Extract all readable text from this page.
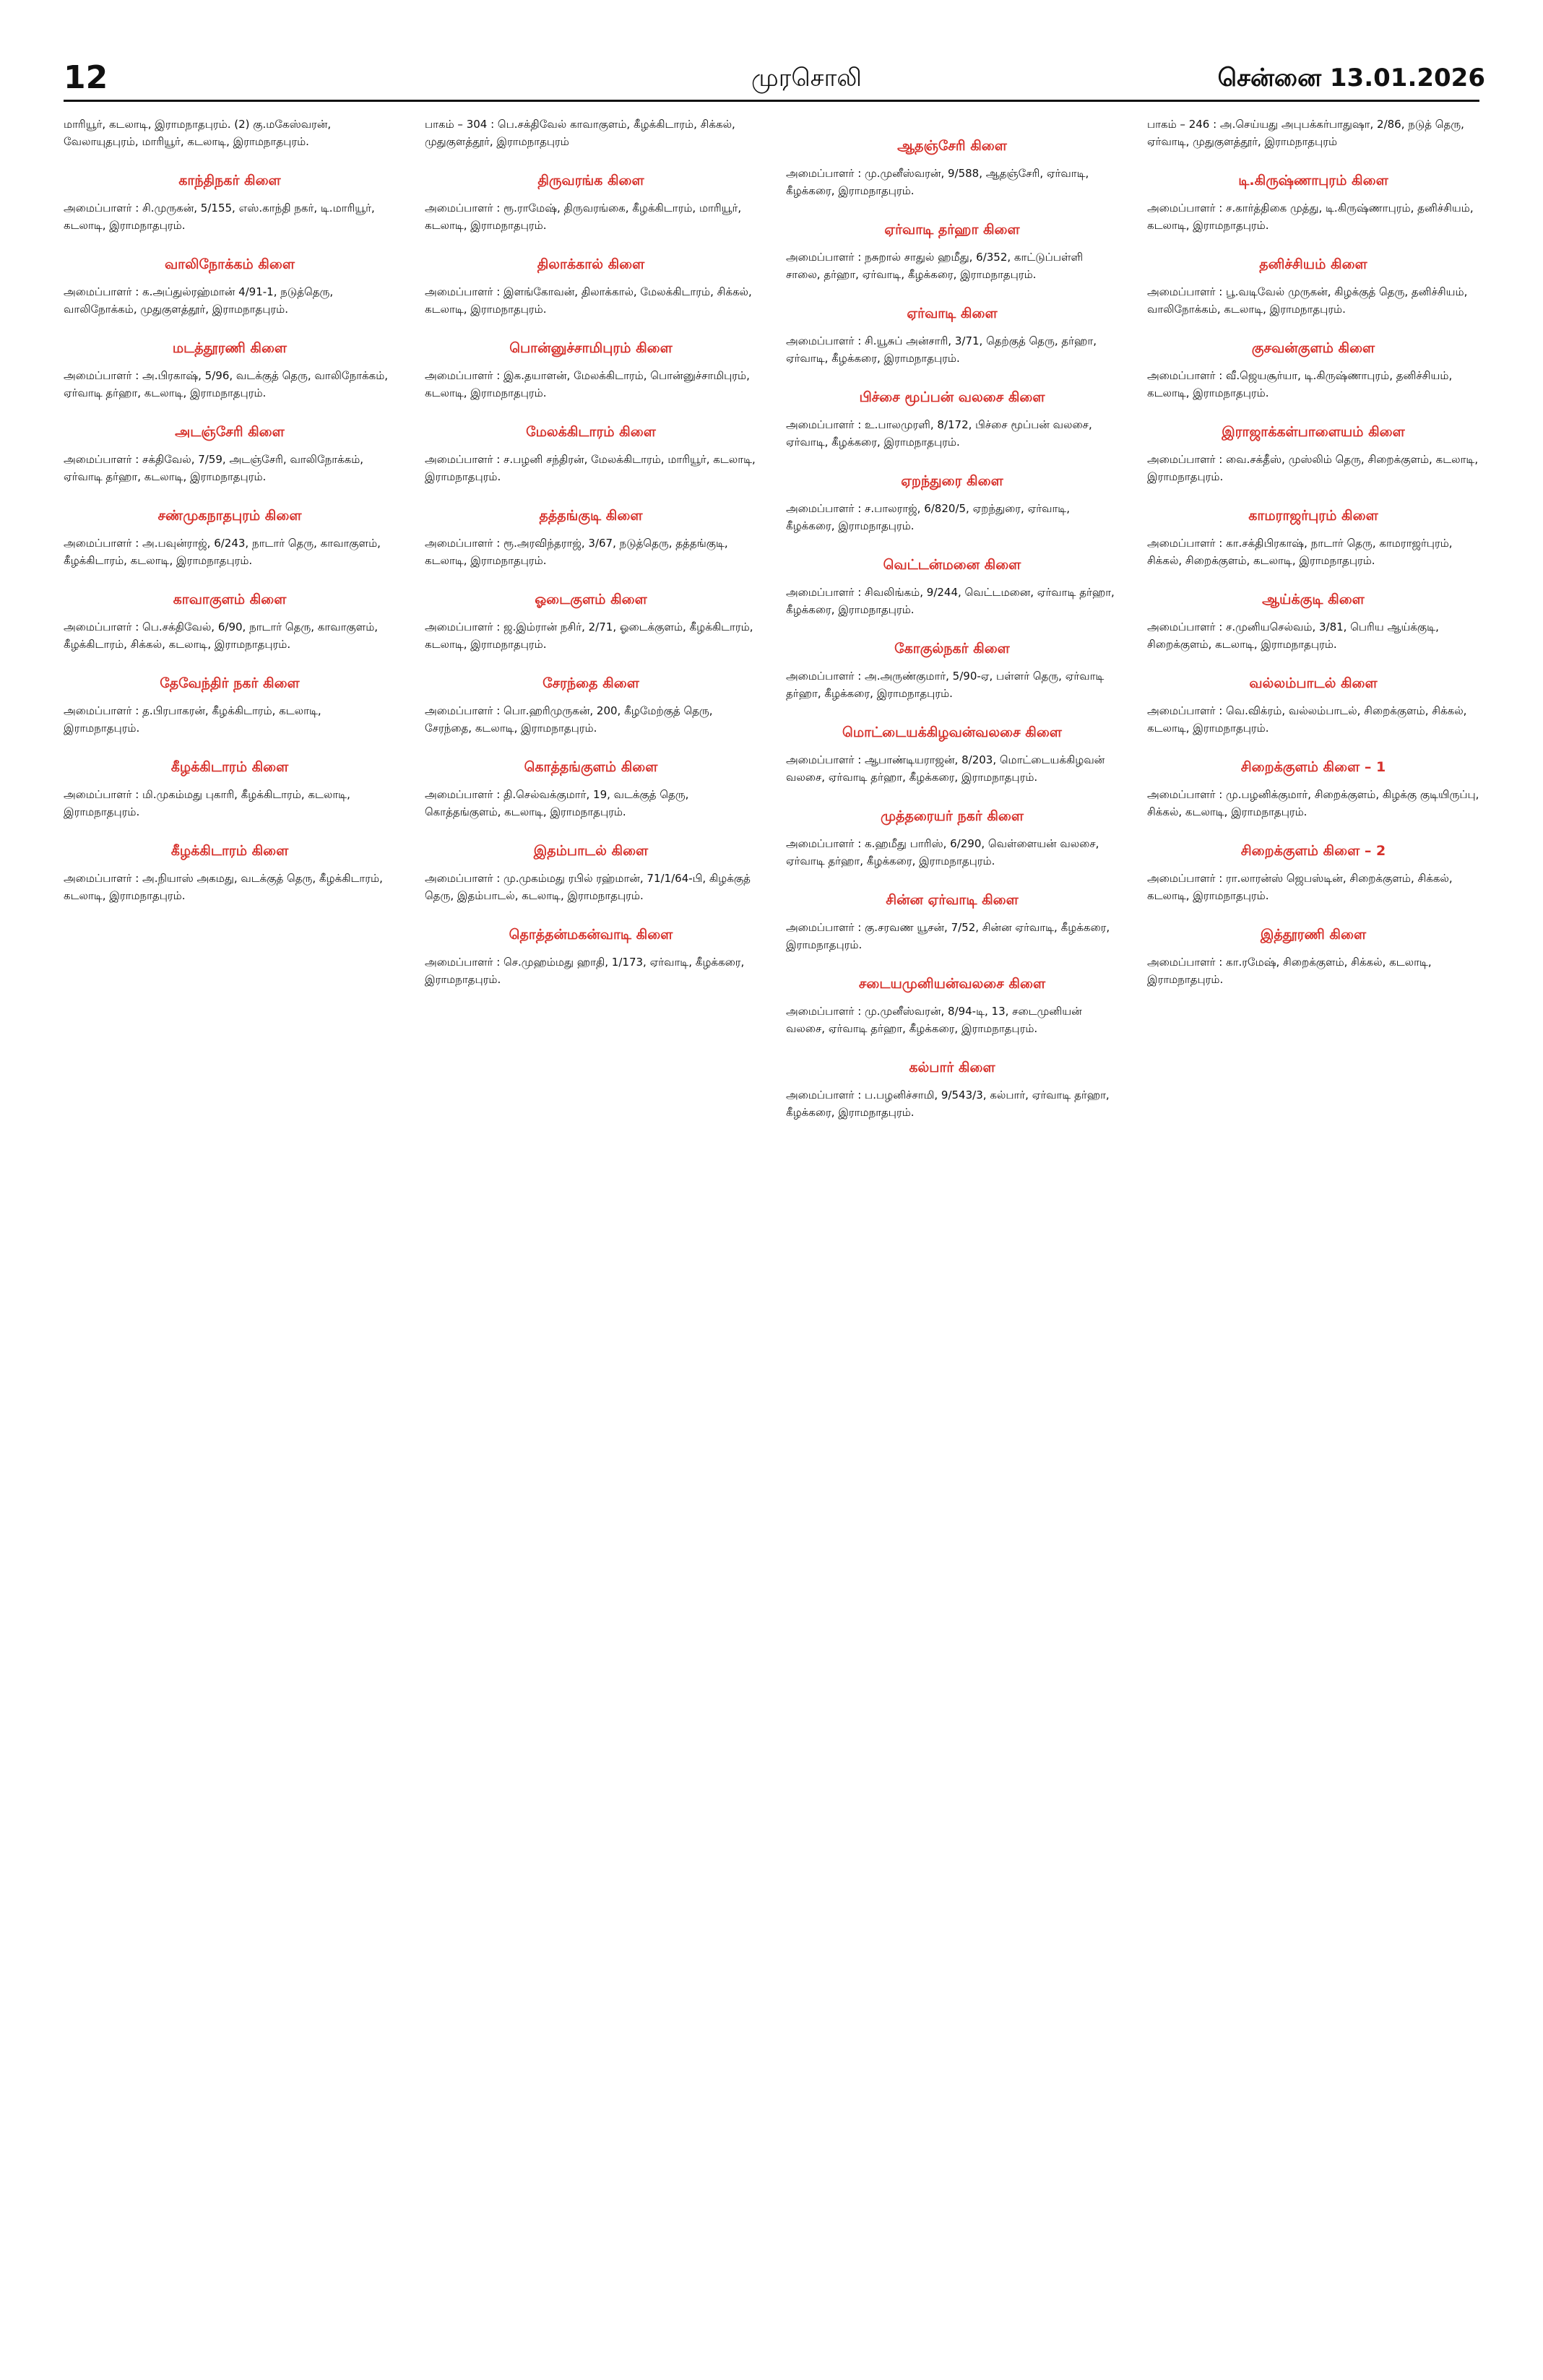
12	முரசொலி	சென்னை 13.01.2026
மாரியூர், கடலாடி, இராமநாதபுரம். (2) கு.மகேஸ்வரன், வேலாயுதபுரம், மாரியூர், கடலாடி, இராமநாதபுரம்.
காந்திநகர் கிளை
அமைப்பாளர் : சி.முருகன், 5/155, எஸ்.காந்தி நகர், டி.மாரியூர், கடலாடி, இராமநாதபுரம்.
வாலிநோக்கம் கிளை
அமைப்பாளர் : க.அப்துல்ரஹ்மான் 4/91-1, நடுத்தெரு, வாலிநோக்கம், முதுகுளத்தூர், இராமநாதபுரம்.
மடத்தூரணி கிளை
அமைப்பாளர் : அ.பிரகாஷ், 5/96, வடக்குத் தெரு, வாலிநோக்கம், ஏர்வாடி தர்ஹா, கடலாடி, இராமநாதபுரம்.
அடஞ்சேரி கிளை
அமைப்பாளர் : சக்திவேல், 7/59, அடஞ்சேரி, வாலிநோக்கம், ஏர்வாடி தர்ஹா, கடலாடி, இராமநாதபுரம்.
சண்முகநாதபுரம் கிளை
அமைப்பாளர் : அ.பவுன்ராஜ், 6/243, நாடார் தெரு, காவாகுளம், கீழக்கிடாரம், கடலாடி, இராமநாதபுரம்.
காவாகுளம் கிளை
அமைப்பாளர் : பெ.சக்திவேல், 6/90, நாடார் தெரு, காவாகுளம், கீழக்கிடாரம், சிக்கல், கடலாடி, இராமநாதபுரம்.
தேவேந்திர் நகர் கிளை
அமைப்பாளர் : த.பிரபாகரன், கீழக்கிடாரம், கடலாடி, இராமநாதபுரம்.
கீழக்கிடாரம் கிளை
அமைப்பாளர் : மி.முகம்மது புகாரி, கீழக்கிடாரம், கடலாடி, இராமநாதபுரம்.
கீழக்கிடாரம் கிளை
அமைப்பாளர் : அ.நியாஸ் அகமது, வடக்குத் தெரு, கீழக்கிடாரம், கடலாடி, இராமநாதபுரம்.
பாகம் – 304 : பெ.சக்திவேல் காவாகுளம், கீழக்கிடாரம், சிக்கல், முதுகுளத்தூர், இராமநாதபுரம்
திருவரங்க கிளை
அமைப்பாளர் : ரூ.ராமேஷ், திருவரங்கை, கீழக்கிடாரம், மாரியூர், கடலாடி, இராமநாதபுரம்.
திலாக்கால் கிளை
அமைப்பாளர் : இளங்கோவன், திலாக்கால், மேலக்கிடாரம், சிக்கல், கடலாடி, இராமநாதபுரம்.
பொன்னுச்சாமிபுரம் கிளை
அமைப்பாளர் : இக.தயாளன், மேலக்கிடாரம், பொன்னுச்சாமிபுரம், கடலாடி, இராமநாதபுரம்.
மேலக்கிடாரம் கிளை
அமைப்பாளர் : ச.பழனி சந்திரன், மேலக்கிடாரம், மாரியூர், கடலாடி, இராமநாதபுரம்.
தத்தங்குடி கிளை
அமைப்பாளர் : ரூ.அரவிந்தராஜ், 3/67, நடுத்தெரு, தத்தங்குடி, கடலாடி, இராமநாதபுரம்.
ஓடைகுளம் கிளை
அமைப்பாளர் : ஜ.இம்ரான் நசிர், 2/71, ஓடைக்குளம், கீழக்கிடாரம், கடலாடி, இராமநாதபுரம்.
சேரந்தை கிளை
அமைப்பாளர் : பொ.ஹரிமுருகன், 200, கீழமேற்குத் தெரு, சேரந்தை, கடலாடி, இராமநாதபுரம்.
கொத்தங்குளம் கிளை
அமைப்பாளர் : தி.செல்வக்குமார், 19, வடக்குத் தெரு, கொத்தங்குளம், கடலாடி, இராமநாதபுரம்.
இதம்பாடல் கிளை
அமைப்பாளர் : மு.முகம்மது ரபில் ரஹ்மான், 71/1/64-பி, கிழக்குத் தெரு, இதம்பாடல், கடலாடி, இராமநாதபுரம்.
தொத்தன்மகன்வாடி கிளை
அமைப்பாளர் : செ.முஹம்மது ஹாதி, 1/173, ஏர்வாடி, கீழக்கரை, இராமநாதபுரம்.
ஆதஞ்சேரி கிளை
அமைப்பாளர் : மு.முனீஸ்வரன், 9/588, ஆதஞ்சேரி, ஏர்வாடி, கீழக்கரை, இராமநாதபுரம்.
ஏர்வாடி தர்ஹா கிளை
அமைப்பாளர் : நசுறால் சாதுல் ஹமீது, 6/352, காட்டுப்பள்ளி சாலை, தர்ஹா, ஏர்வாடி, கீழக்கரை, இராமநாதபுரம்.
ஏர்வாடி கிளை
அமைப்பாளர் : சி.யூசுப் அன்சாரி, 3/71, தெற்குத் தெரு, தர்ஹா, ஏர்வாடி, கீழக்கரை, இராமநாதபுரம்.
பிச்சை மூப்பன் வலசை கிளை
அமைப்பாளர் : உ.பாலமுரளி, 8/172, பிச்சை மூப்பன் வலசை, ஏர்வாடி, கீழக்கரை, இராமநாதபுரம்.
ஏறந்துரை கிளை
அமைப்பாளர் : ச.பாலராஜ், 6/820/5, ஏறந்துரை, ஏர்வாடி, கீழக்கரை, இராமநாதபுரம்.
வெட்டன்மனை கிளை
அமைப்பாளர் : சிவலிங்கம், 9/244, வெட்டமனை, ஏர்வாடி தர்ஹா, கீழக்கரை, இராமநாதபுரம்.
கோகுல்நகர் கிளை
அமைப்பாளர் : அ.அருண்குமார், 5/90-ஏ, பள்ளர் தெரு, ஏர்வாடி தர்ஹா, கீழக்கரை, இராமநாதபுரம்.
மொட்டையக்கிழவன்வலசை கிளை
அமைப்பாளர் : ஆபாண்டியராஜன், 8/203, மொட்டையக்கிழவன் வலசை, ஏர்வாடி தர்ஹா, கீழக்கரை, இராமநாதபுரம்.
முத்தரையர் நகர் கிளை
அமைப்பாளர் : க.ஹமீது பாரிஸ், 6/290, வெள்ளையன் வலசை, ஏர்வாடி தர்ஹா, கீழக்கரை, இராமநாதபுரம்.
சின்ன ஏர்வாடி கிளை
அமைப்பாளர் : கு.சரவண யூசன், 7/52, சின்ன ஏர்வாடி, கீழக்கரை, இராமநாதபுரம்.
சடையமுனியன்வலசை கிளை
அமைப்பாளர் : மு.முனீஸ்வரன், 8/94-டி, 13, சடைமுனியன் வலசை, ஏர்வாடி தர்ஹா, கீழக்கரை, இராமநாதபுரம்.
கல்பார் கிளை
அமைப்பாளர் : ப.பழனிச்சாமி, 9/543/3, கல்பார், ஏர்வாடி தர்ஹா, கீழக்கரை, இராமநாதபுரம்.
பாகம் – 246 : அ.செய்யது அபுபக்கர்பாதுஷா, 2/86, நடுத் தெரு, ஏர்வாடி, முதுகுளத்தூர், இராமநாதபுரம்
டி.கிருஷ்ணாபுரம் கிளை
அமைப்பாளர் : ச.கார்த்திகை முத்து, டி.கிருஷ்ணாபுரம், தனிச்சியம், கடலாடி, இராமநாதபுரம்.
தனிச்சியம் கிளை
அமைப்பாளர் : பூ.வடிவேல் முருகன், கிழக்குத் தெரு, தனிச்சியம், வாலிநோக்கம், கடலாடி, இராமநாதபுரம்.
குசவன்குளம் கிளை
அமைப்பாளர் : வீ.ஜெயசூர்யா, டி.கிருஷ்ணாபுரம், தனிச்சியம், கடலாடி, இராமநாதபுரம்.
இராஜாக்கள்பாளையம் கிளை
அமைப்பாளர் : வை.சக்தீஸ், முஸ்லிம் தெரு, சிறைக்குளம், கடலாடி, இராமநாதபுரம்.
காமராஜர்புரம் கிளை
அமைப்பாளர் : கா.சக்திபிரகாஷ், நாடார் தெரு, காமராஜர்புரம், சிக்கல், சிறைக்குளம், கடலாடி, இராமநாதபுரம்.
ஆய்க்குடி கிளை
அமைப்பாளர் : ச.முனியசெல்வம், 3/81, பெரிய ஆய்க்குடி, சிறைக்குளம், கடலாடி, இராமநாதபுரம்.
வல்லம்பாடல் கிளை
அமைப்பாளர் : வெ.விக்ரம், வல்லம்பாடல், சிறைக்குளம், சிக்கல், கடலாடி, இராமநாதபுரம்.
சிறைக்குளம் கிளை – 1
அமைப்பாளர் : மு.பழனிக்குமார், சிறைக்குளம், கிழக்கு குடியிருப்பு, சிக்கல், கடலாடி, இராமநாதபுரம்.
சிறைக்குளம் கிளை – 2
அமைப்பாளர் : ரா.லாரன்ஸ் ஜெபஸ்டின், சிறைக்குளம், சிக்கல், கடலாடி, இராமநாதபுரம்.
இத்தூரணி கிளை
அமைப்பாளர் : கா.ரமேஷ், சிறைக்குளம், சிக்கல், கடலாடி, இராமநாதபுரம்.
